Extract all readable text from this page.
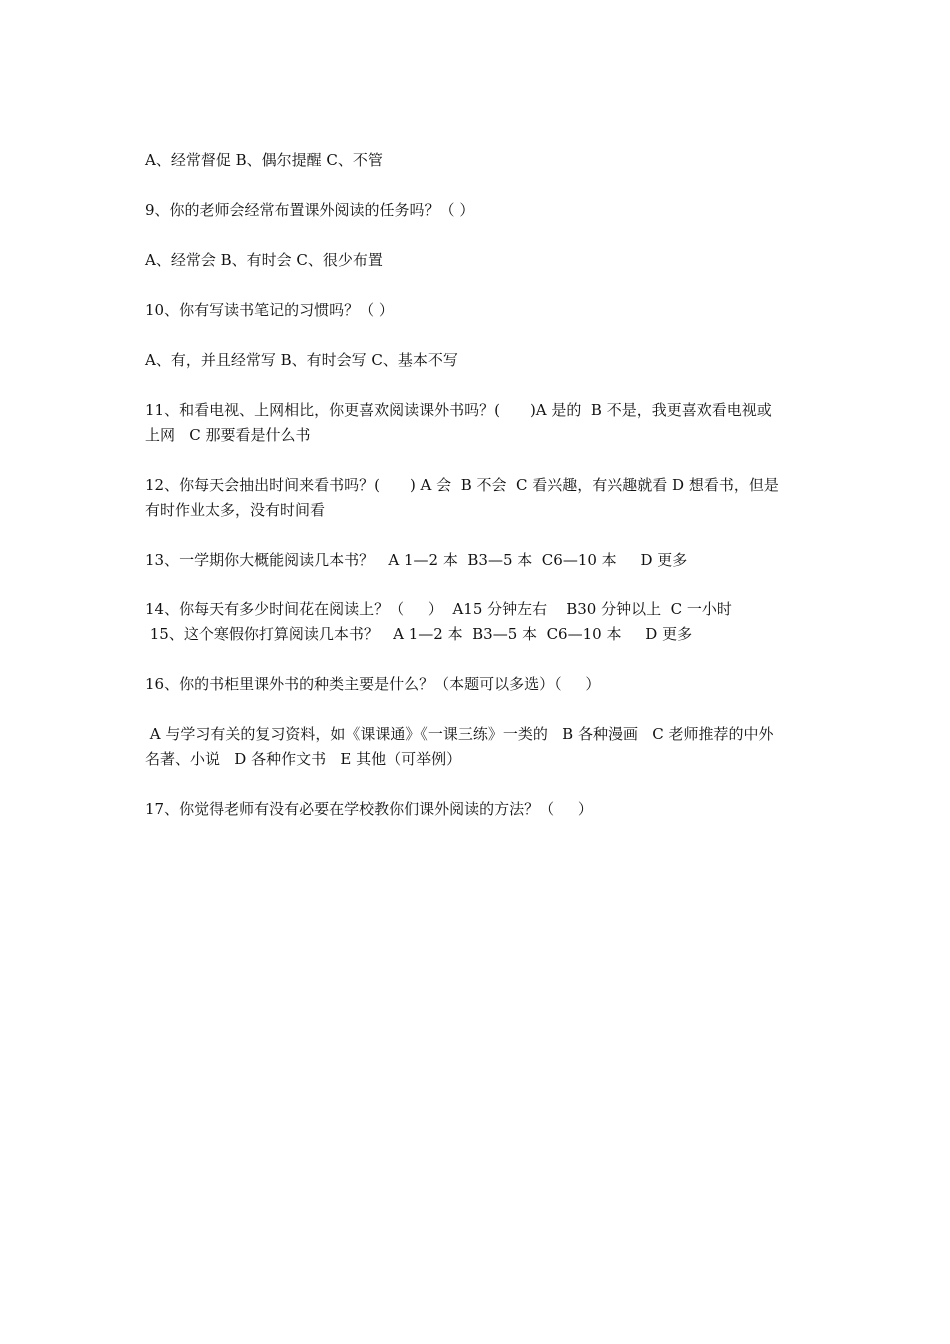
A、经常督促 B、偶尔提醒 C、不管
9、你的老师会经常布置课外阅读的任务吗？（ ）
A、经常会 B、有时会 C、很少布置
10、你有写读书笔记的习惯吗？（ ）
A、有，并且经常写 B、有时会写 C、基本不写
11、和看电视、上网相比，你更喜欢阅读课外书吗？(　　)A 是的  B 不是，我更喜欢看电视或
上网   C 那要看是什么书
12、你每天会抽出时间来看书吗？(　　) A 会  B 不会  C 看兴趣，有兴趣就看 D 想看书，但是
有时作业太多，没有时间看
13、一学期你大概能阅读几本书？   A 1—2 本  B3—5 本  C6—10 本     D 更多
14、你每天有多少时间花在阅读上？（     ）  A15 分钟左右    B30 分钟以上  C 一小时
15、这个寒假你打算阅读几本书？   A 1—2 本  B3—5 本  C6—10 本     D 更多
16、你的书柜里课外书的种类主要是什么？（本题可以多选）（     ）
A 与学习有关的复习资料，如《课课通》《一课三练》一类的   B 各种漫画   C 老师推荐的中外
名著、小说   D 各种作文书   E 其他（可举例）
17、你觉得老师有没有必要在学校教你们课外阅读的方法？（     ）
